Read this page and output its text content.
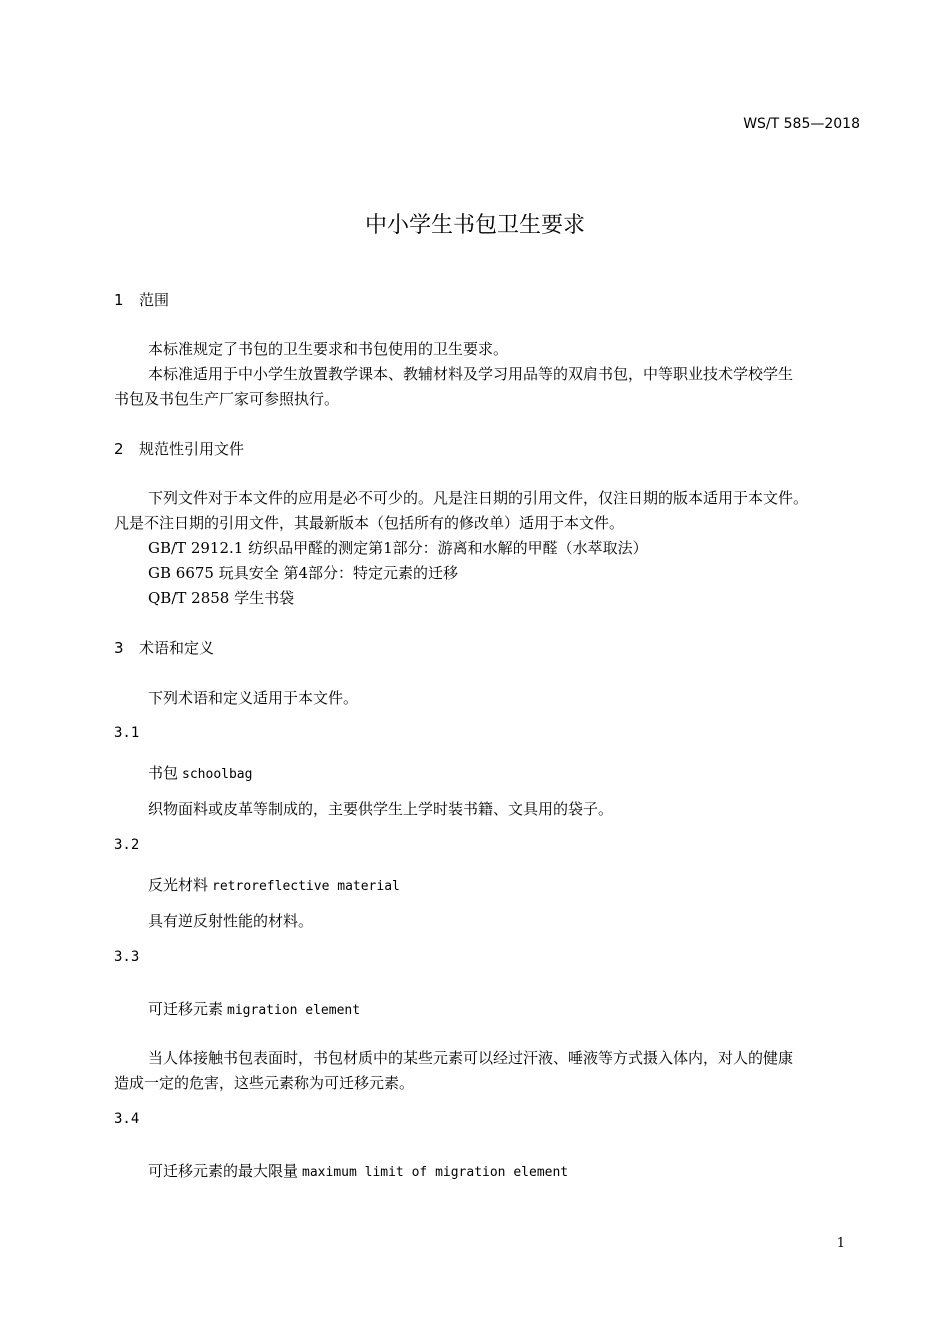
WS/T 585—2018
中小学生书包卫生要求
1 范围
本标准规定了书包的卫生要求和书包使用的卫生要求。
本标准适用于中小学生放置教学课本、教辅材料及学习用品等的双肩书包，中等职业技术学校学生
书包及书包生产厂家可参照执行。
2 规范性引用文件
下列文件对于本文件的应用是必不可少的。凡是注日期的引用文件，仅注日期的版本适用于本文件。
凡是不注日期的引用文件，其最新版本（包括所有的修改单）适用于本文件。
GB/T 2912.1 纺织品甲醛的测定第1部分：游离和水解的甲醛（水萃取法）
GB 6675 玩具安全 第4部分：特定元素的迁移
QB/T 2858 学生书袋
3 术语和定义
下列术语和定义适用于本文件。
3.1
书包 schoolbag
织物面料或皮革等制成的，主要供学生上学时装书籍、文具用的袋子。
3.2
反光材料 retroreflective material
具有逆反射性能的材料。
3.3
可迁移元素 migration element
当人体接触书包表面时，书包材质中的某些元素可以经过汗液、唾液等方式摄入体内，对人的健康
造成一定的危害，这些元素称为可迁移元素。
3.4
可迁移元素的最大限量 maximum limit of migration element
1
